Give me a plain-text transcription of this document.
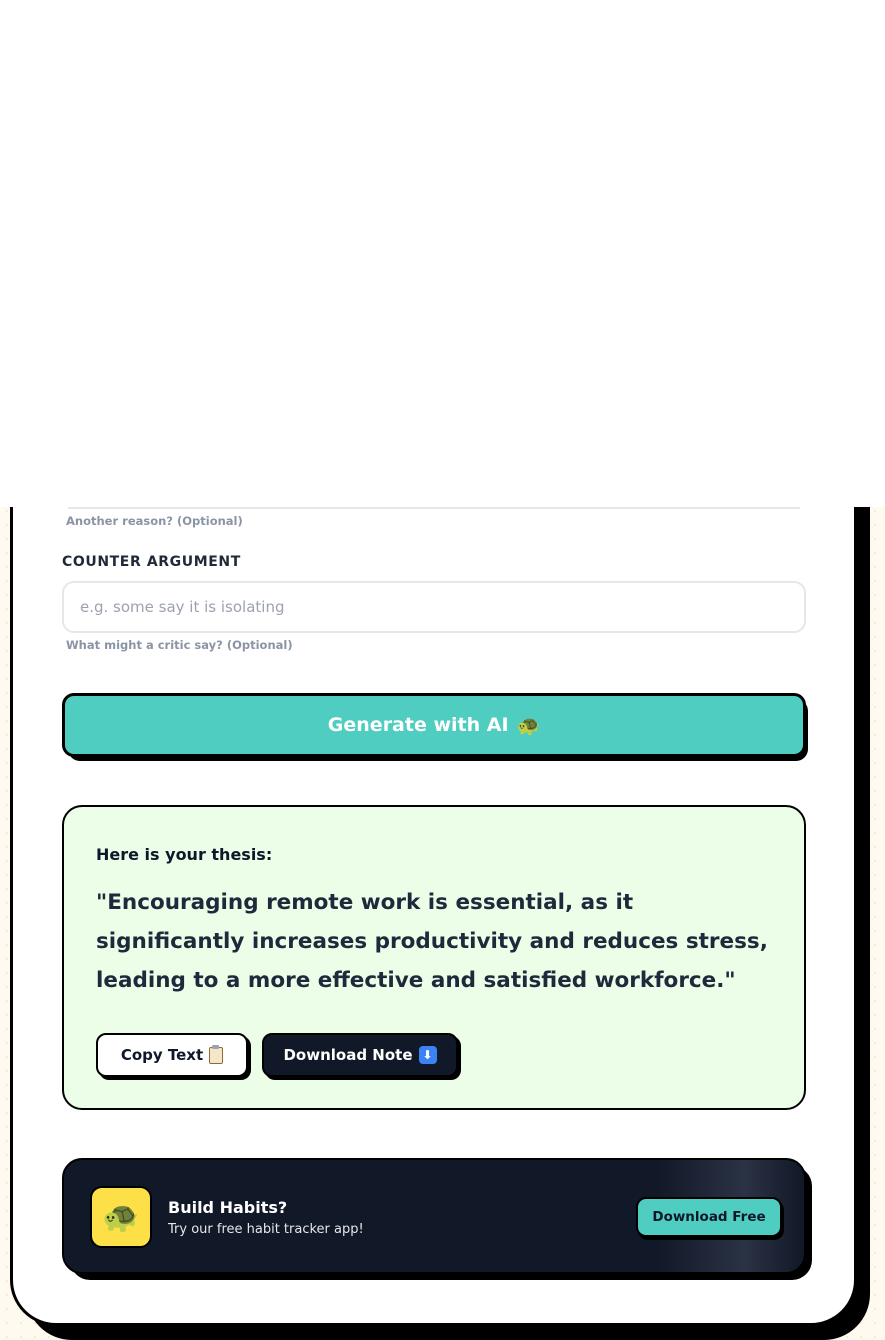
Another reason? (Optional)
COUNTER ARGUMENT
e.g. some say it is isolating
What might a critic say? (Optional)
Generate with AI 🐢
Here is your thesis:
"Encouraging remote work is essential, as it significantly increases productivity and reduces stress, leading to a more effective and satisfied workforce."
Copy Text	Download Note ⬇
🐢 Build Habits?
Try our free habit tracker app!
Download Free
